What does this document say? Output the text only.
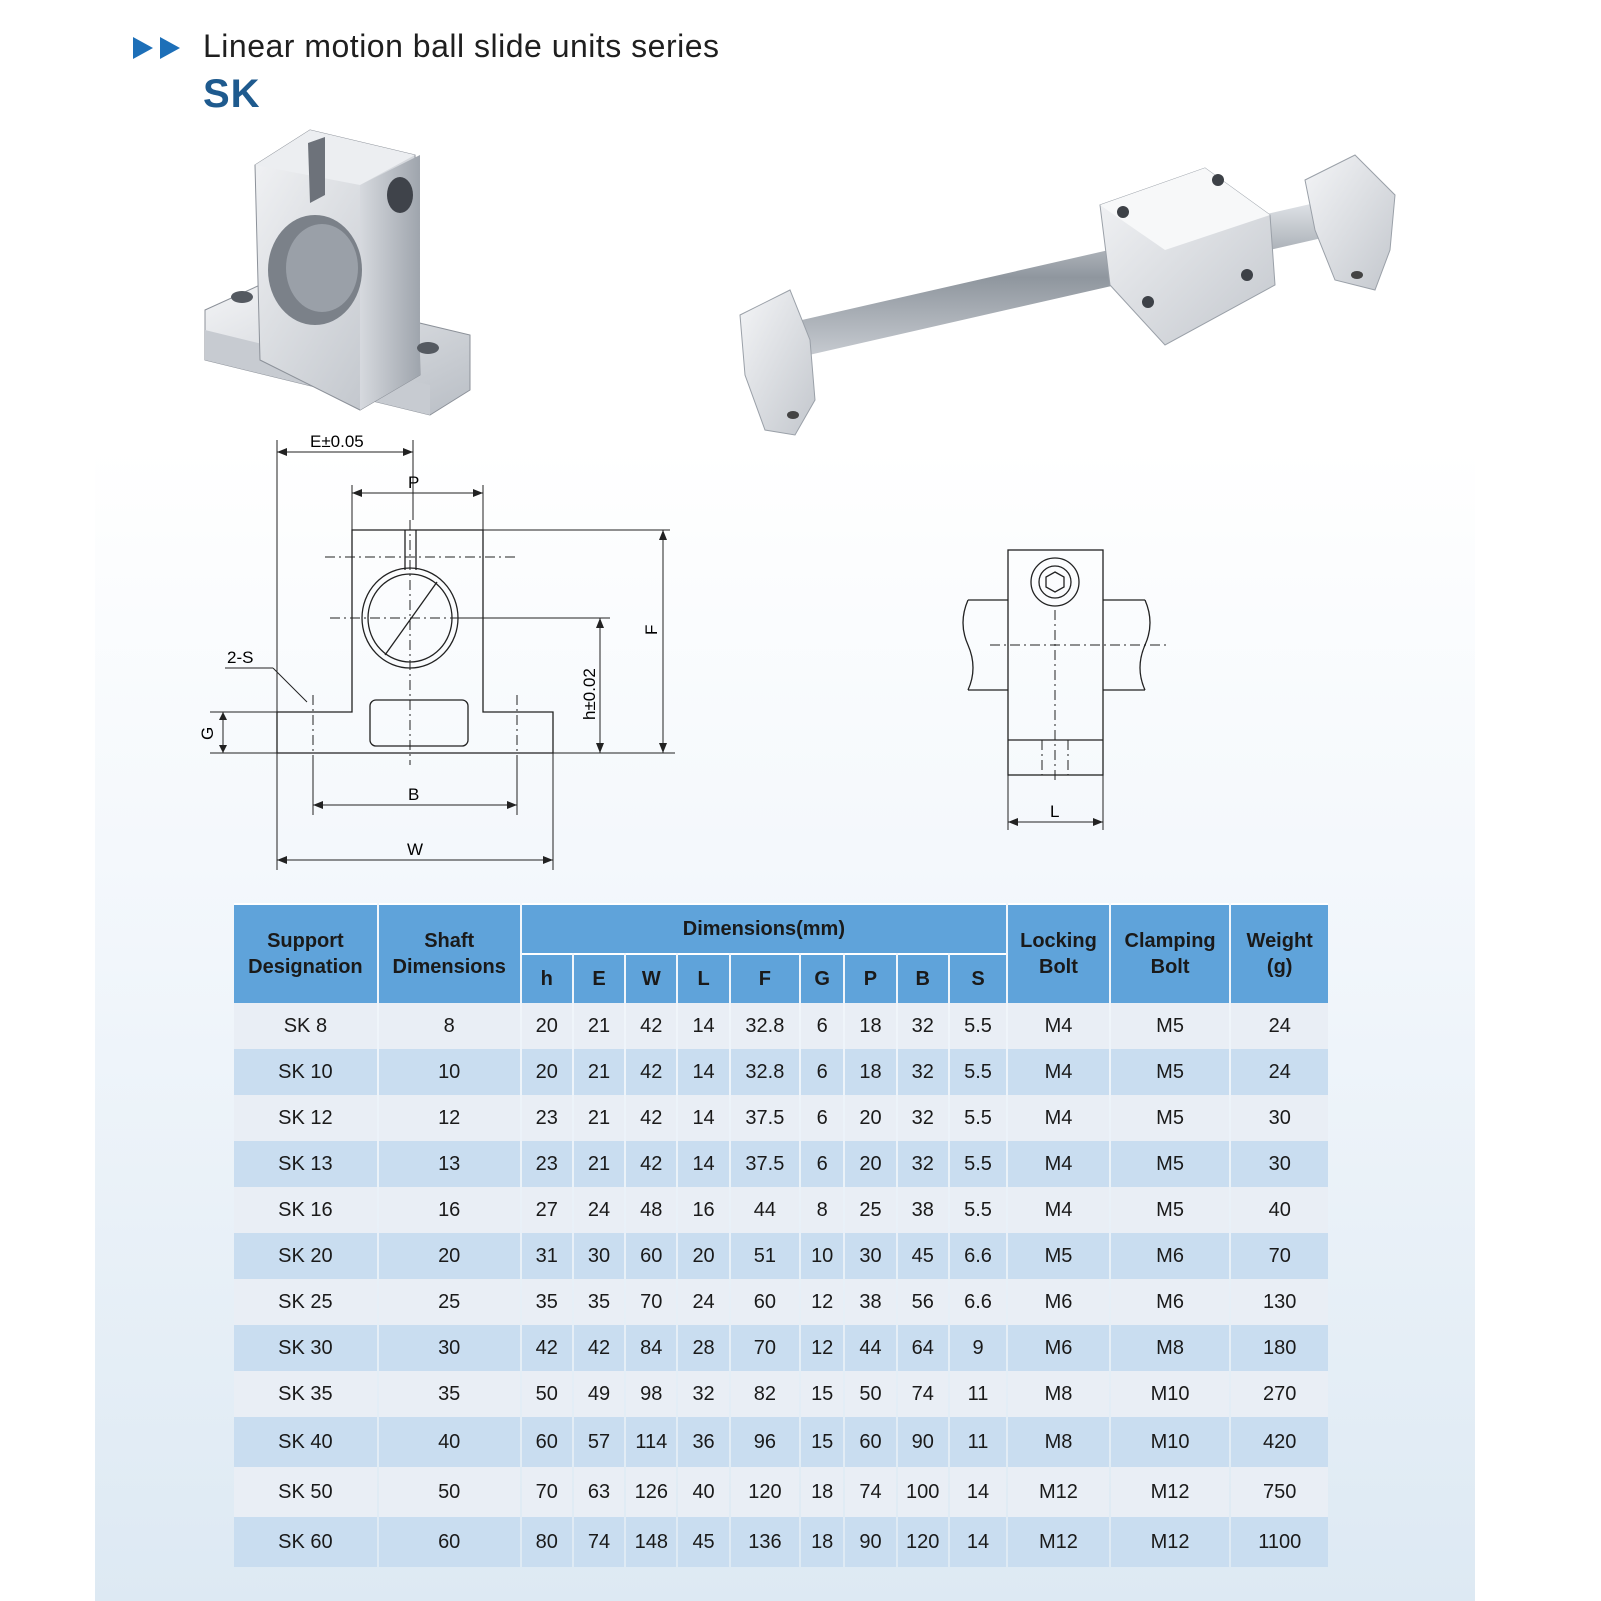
Linear motion ball slide units series
SK
E±0.05
P
F
h±0.02
2-S
G
B
W
L
Support Designation	Shaft Dimensions	Dimensions(mm)									Locking Bolt	Clamping Bolt	Weight (g)
		h	E	W	L	F	G	P	B	S			
SK 8	8	20	21	42	14	32.8	6	18	32	5.5	M4	M5	24
SK 10	10	20	21	42	14	32.8	6	18	32	5.5	M4	M5	24
SK 12	12	23	21	42	14	37.5	6	20	32	5.5	M4	M5	30
SK 13	13	23	21	42	14	37.5	6	20	32	5.5	M4	M5	30
SK 16	16	27	24	48	16	44	8	25	38	5.5	M4	M5	40
SK 20	20	31	30	60	20	51	10	30	45	6.6	M5	M6	70
SK 25	25	35	35	70	24	60	12	38	56	6.6	M6	M6	130
SK 30	30	42	42	84	28	70	12	44	64	9	M6	M8	180
SK 35	35	50	49	98	32	82	15	50	74	11	M8	M10	270
SK 40	40	60	57	114	36	96	15	60	90	11	M8	M10	420
SK 50	50	70	63	126	40	120	18	74	100	14	M12	M12	750
SK 60	60	80	74	148	45	136	18	90	120	14	M12	M12	1100
